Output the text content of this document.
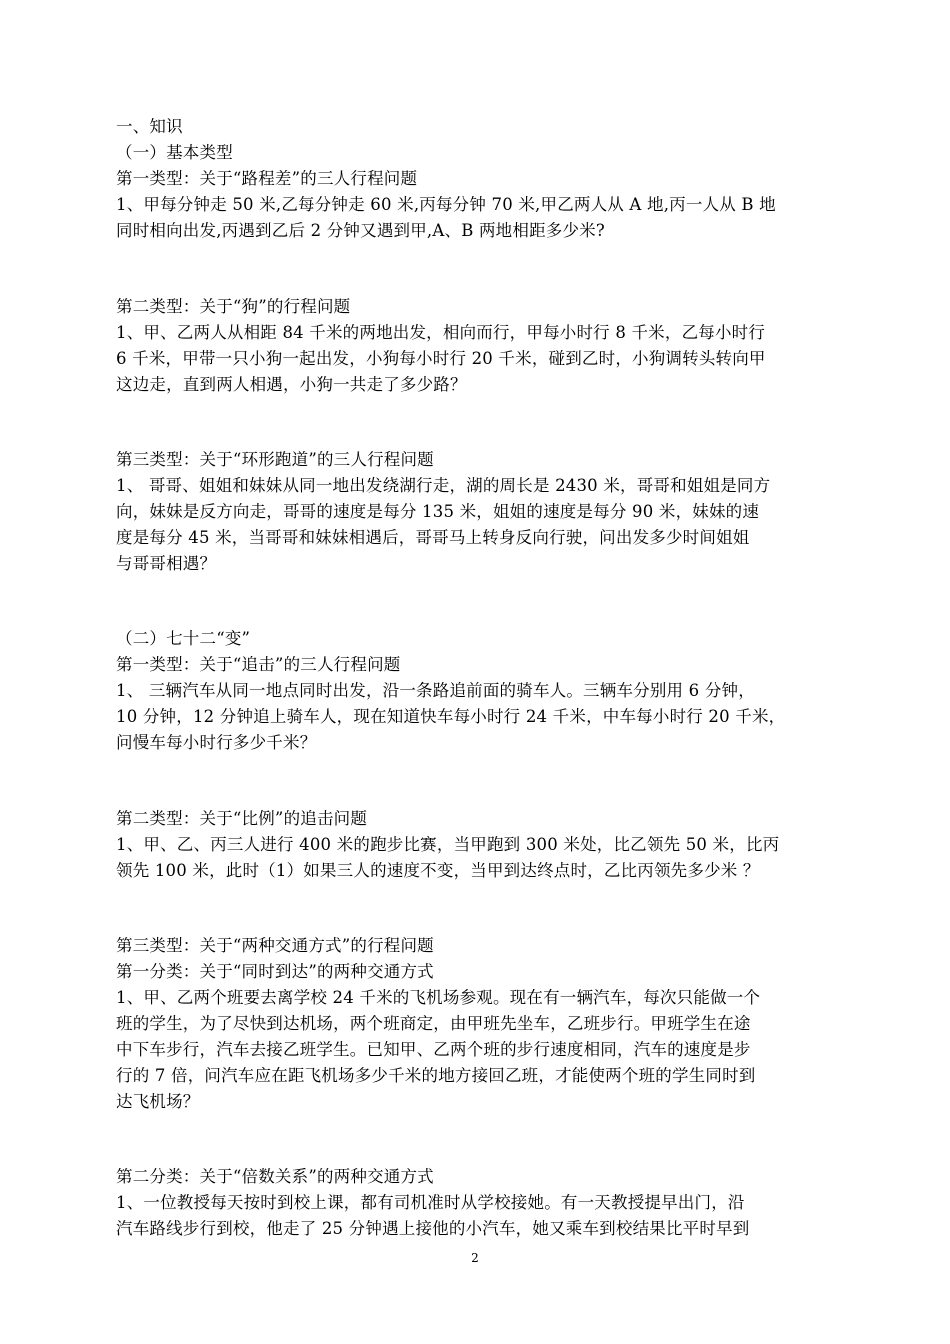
一、知识
（一）基本类型
第一类型：关于“路程差”的三人行程问题
1、甲每分钟走 50 米,乙每分钟走 60 米,丙每分钟 70 米,甲乙两人从 A 地,丙一人从 B 地
同时相向出发,丙遇到乙后 2 分钟又遇到甲,A、B 两地相距多少米?
第二类型：关于“狗”的行程问题
1、甲、乙两人从相距 84 千米的两地出发，相向而行，甲每小时行 8 千米，乙每小时行
6 千米，甲带一只小狗一起出发，小狗每小时行 20 千米，碰到乙时，小狗调转头转向甲
这边走，直到两人相遇，小狗一共走了多少路？
第三类型：关于“环形跑道”的三人行程问题
1、 哥哥、姐姐和妹妹从同一地出发绕湖行走，湖的周长是 2430 米，哥哥和姐姐是同方
向，妹妹是反方向走，哥哥的速度是每分 135 米，姐姐的速度是每分 90 米，妹妹的速
度是每分 45 米，当哥哥和妹妹相遇后，哥哥马上转身反向行驶，问出发多少时间姐姐
与哥哥相遇？
（二）七十二“变”
第一类型：关于“追击”的三人行程问题
1、 三辆汽车从同一地点同时出发，沿一条路追前面的骑车人。三辆车分别用 6 分钟，
10 分钟，12 分钟追上骑车人，现在知道快车每小时行 24 千米，中车每小时行 20 千米，
问慢车每小时行多少千米？
第二类型：关于“比例”的追击问题
1、甲、乙、丙三人进行 400 米的跑步比赛，当甲跑到 300 米处，比乙领先 50 米，比丙
领先 100 米，此时（1）如果三人的速度不变，当甲到达终点时，乙比丙领先多少米 ？
第三类型：关于“两种交通方式”的行程问题
第一分类：关于“同时到达”的两种交通方式
1、甲、乙两个班要去离学校 24 千米的飞机场参观。现在有一辆汽车，每次只能做一个
班的学生，为了尽快到达机场，两个班商定，由甲班先坐车，乙班步行。甲班学生在途
中下车步行，汽车去接乙班学生。已知甲、乙两个班的步行速度相同，汽车的速度是步
行的 7 倍，问汽车应在距飞机场多少千米的地方接回乙班，才能使两个班的学生同时到
达飞机场？
第二分类：关于“倍数关系”的两种交通方式
1、一位教授每天按时到校上课，都有司机准时从学校接她。有一天教授提早出门，沿
汽车路线步行到校，他走了 25 分钟遇上接他的小汽车，她又乘车到校结果比平时早到
2
